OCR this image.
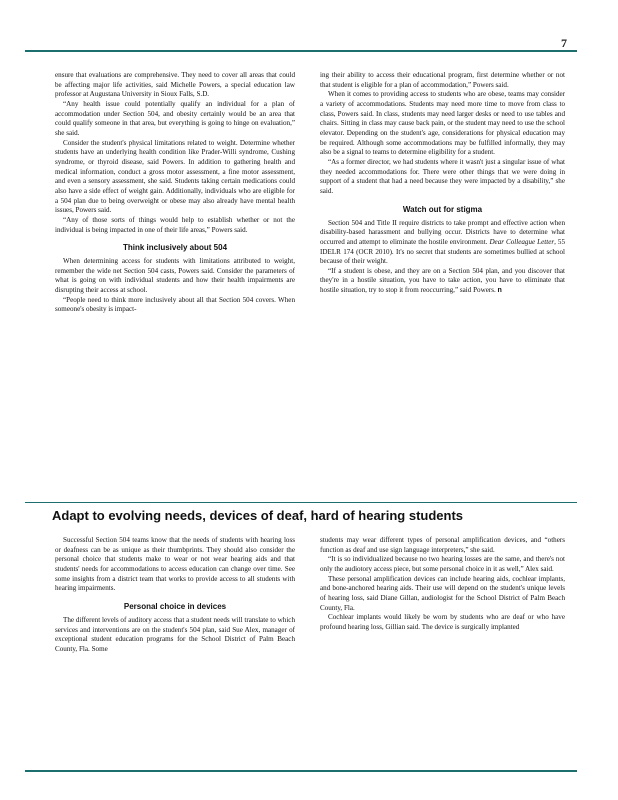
7

ensure that evaluations are comprehensive. They need to cover all areas that could be affecting major life activities, said Michelle Powers, a special education law professor at Augustana University in Sioux Falls, S.D.

“Any health issue could potentially qualify an individual for a plan of accommodation under Section 504, and obesity certainly would be an area that could qualify someone in that area, but everything is going to hinge on evaluation,” she said.

Consider the student's physical limitations related to weight. Determine whether students have an underlying health condition like Prader-Willi syndrome, Cushing syndrome, or thyroid disease, said Powers. In addition to gathering health and medical information, conduct a gross motor assessment, a fine motor assessment, and even a sensory assessment, she said. Students taking certain medications could also have a side effect of weight gain. Additionally, individuals who are eligible for a 504 plan due to being overweight or obese may also already have mental health issues, Powers said.

“Any of those sorts of things would help to establish whether or not the individual is being impacted in one of their life areas,” Powers said.

Think inclusively about 504

When determining access for students with limitations attributed to weight, remember the wide net Section 504 casts, Powers said. Consider the parameters of what is going on with individual students and how their health impairments are disrupting their access at school.

“People need to think more inclusively about all that Section 504 covers. When someone's obesity is impact-

ing their ability to access their educational program, first determine whether or not that student is eligible for a plan of accommodation,” Powers said.

When it comes to providing access to students who are obese, teams may consider a variety of accommodations. Students may need more time to move from class to class, Powers said. In class, students may need larger desks or need to use tables and chairs. Sitting in class may cause back pain, or the student may need to use the school elevator. Depending on the student's age, considerations for physical education may be required. Although some accommodations may be fulfilled informally, they may also be a signal to teams to determine eligibility for a student.

“As a former director, we had students where it wasn't just a singular issue of what they needed accommodations for. There were other things that we were doing in support of a student that had a need because they were impacted by a disability,” she said.

Watch out for stigma

Section 504 and Title II require districts to take prompt and effective action when disability-based harassment and bullying occur. Districts have to determine what occurred and attempt to eliminate the hostile environment. Dear Colleague Letter, 55 IDELR 174 (OCR 2010). It's no secret that students are sometimes bullied at school because of their weight.

“If a student is obese, and they are on a Section 504 plan, and you discover that they're in a hostile situation, you have to take action, you have to eliminate that hostile situation, try to stop it from reoccurring,” said Powers. n

Adapt to evolving needs, devices of deaf, hard of hearing students

Successful Section 504 teams know that the needs of students with hearing loss or deafness can be as unique as their thumbprints. They should also consider the personal choice that students make to wear or not wear hearing aids and that students' needs for accommodations to access education can change over time. See some insights from a district team that works to provide access to all students with hearing impairments.

Personal choice in devices

The different levels of auditory access that a student needs will translate to which services and interventions are on the student's 504 plan, said Sue Alex, manager of exceptional student education programs for the School District of Palm Beach County, Fla. Some

students may wear different types of personal amplification devices, and “others function as deaf and use sign language interpreters,” she said.

“It is so individualized because no two hearing losses are the same, and there's not only the audiotory access piece, but some personal choice in it as well,” Alex said.

These personal amplification devices can include hearing aids, cochlear implants, and bone-anchored hearing aids. Their use will depend on the student's unique levels of hearing loss, said Diane Gillan, audiologist for the School District of Palm Beach County, Fla.

Cochlear implants would likely be worn by students who are deaf or who have profound hearing loss, Gillian said. The device is surgically implanted
